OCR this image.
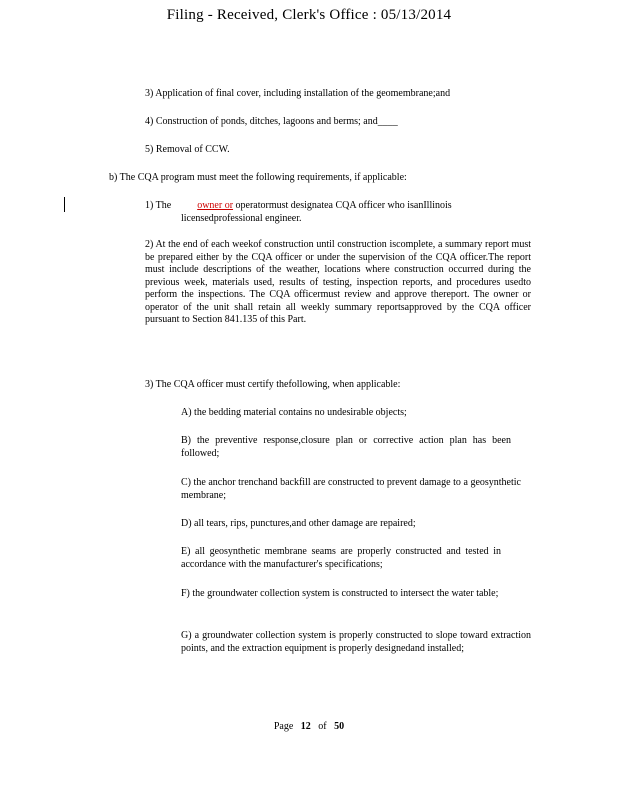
Filing - Received, Clerk's Office : 05/13/2014
3) Application of final cover, including installation of the geomembrane;and
4) Construction of ponds, ditches, lagoons and berms; and____
5) Removal of CCW.
b) The CQA program must meet the following requirements, if applicable:
1) The	owner or operatormust designatea CQA officer who isanIllinois
licensedprofessional engineer.
2) At the end of each weekof construction until construction iscomplete, a summary report must be prepared either by the CQA officer or under the supervision of the CQA officer.The report must include descriptions of the weather, locations where construction occurred during the previous week, materials used, results of testing, inspection reports, and procedures usedto perform the inspections. The CQA officermust review and approve thereport. The owner or operator of the unit shall retain all weekly summary reportsapproved by the CQA officer pursuant to Section 841.135 of this Part.
3) The CQA officer must certify thefollowing, when applicable:
A) the bedding material contains no undesirable objects;
B) the preventive response,closure plan or corrective action plan has been followed;
C) the anchor trenchand backfill are constructed to prevent damage to a geosynthetic membrane;
D) all tears, rips, punctures,and other damage are repaired;
E) all geosynthetic membrane seams are properly constructed and tested in accordance with the manufacturer's specifications;
F) the groundwater collection system is constructed to intersect the water table;
G) a groundwater collection system is properly constructed to slope toward extraction points, and the extraction equipment is properly designedand installed;
Page 12 of 50
